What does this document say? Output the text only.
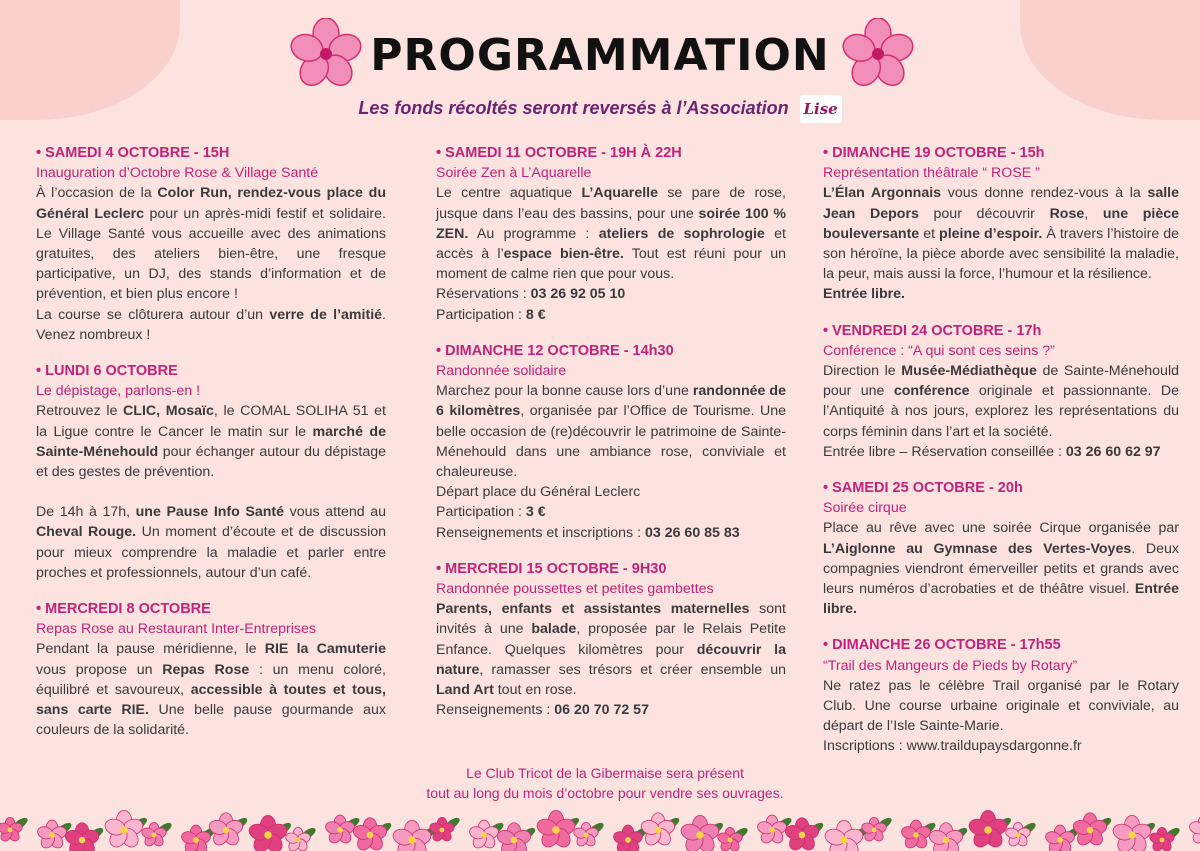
PROGRAMMATION
Les fonds récoltés seront reversés à l’Association Lise
• SAMEDI 4 OCTOBRE - 15H
Inauguration d’Octobre Rose & Village Santé
À l’occasion de la Color Run, rendez-vous place du Général Leclerc pour un après-midi festif et solidaire. Le Village Santé vous accueille avec des animations gratuites, des ateliers bien-être, une fresque participative, un DJ, des stands d’information et de prévention, et bien plus encore !
La course se clôturera autour d’un verre de l’amitié. Venez nombreux !
• LUNDI 6 OCTOBRE
Le dépistage, parlons-en !
Retrouvez le CLIC, Mosaïc, le COMAL SOLIHA 51 et la Ligue contre le Cancer le matin sur le marché de Sainte-Ménehould pour échanger autour du dépistage et des gestes de prévention.
De 14h à 17h, une Pause Info Santé vous attend au Cheval Rouge. Un moment d’écoute et de discussion pour mieux comprendre la maladie et parler entre proches et professionnels, autour d’un café.
• MERCREDI 8 OCTOBRE
Repas Rose au Restaurant Inter-Entreprises
Pendant la pause méridienne, le RIE la Camuterie vous propose un Repas Rose : un menu coloré, équilibré et savoureux, accessible à toutes et tous, sans carte RIE. Une belle pause gourmande aux couleurs de la solidarité.
• SAMEDI 11 OCTOBRE - 19H À 22H
Soirée Zen à L’Aquarelle
Le centre aquatique L’Aquarelle se pare de rose, jusque dans l’eau des bassins, pour une soirée 100 % ZEN. Au programme : ateliers de sophrologie et accès à l’espace bien-être. Tout est réuni pour un moment de calme rien que pour vous.
Réservations : 03 26 92 05 10
Participation : 8 €
• DIMANCHE 12 OCTOBRE - 14h30
Randonnée solidaire
Marchez pour la bonne cause lors d’une randonnée de 6 kilomètres, organisée par l’Office de Tourisme. Une belle occasion de (re)découvrir le patrimoine de Sainte-Ménehould dans une ambiance rose, conviviale et chaleureuse.
Départ place du Général Leclerc
Participation : 3 €
Renseignements et inscriptions : 03 26 60 85 83
• MERCREDI 15 OCTOBRE - 9H30
Randonnée poussettes et petites gambettes
Parents, enfants et assistantes maternelles sont invités à une balade, proposée par le Relais Petite Enfance. Quelques kilomètres pour découvrir la nature, ramasser ses trésors et créer ensemble un Land Art tout en rose.
Renseignements : 06 20 70 72 57
Le Club Tricot de la Gibermaise sera présent
tout au long du mois d’octobre pour vendre ses ouvrages.
• DIMANCHE 19 OCTOBRE - 15h
Représentation théâtrale “ ROSE ”
L’Élan Argonnais vous donne rendez-vous à la salle Jean Depors pour découvrir Rose, une pièce bouleversante et pleine d’espoir. À travers l’histoire de son héroïne, la pièce aborde avec sensibilité la maladie, la peur, mais aussi la force, l’humour et la résilience.
Entrée libre.
• VENDREDI 24 OCTOBRE - 17h
Conférence : “A qui sont ces seins ?”
Direction le Musée-Médiathèque de Sainte-Ménehould pour une conférence originale et passionnante. De l’Antiquité à nos jours, explorez les représentations du corps féminin dans l’art et la société.
Entrée libre – Réservation conseillée : 03 26 60 62 97
• SAMEDI 25 OCTOBRE - 20h
Soirée cirque
Place au rêve avec une soirée Cirque organisée par L’Aiglonne au Gymnase des Vertes-Voyes. Deux compagnies viendront émerveiller petits et grands avec leurs numéros d’acrobaties et de théâtre visuel. Entrée libre.
• DIMANCHE 26 OCTOBRE - 17h55
“Trail des Mangeurs de Pieds by Rotary”
Ne ratez pas le célèbre Trail organisé par le Rotary Club. Une course urbaine originale et conviviale, au départ de l’Isle Sainte-Marie.
Inscriptions : www.traildupaysdargonne.fr
